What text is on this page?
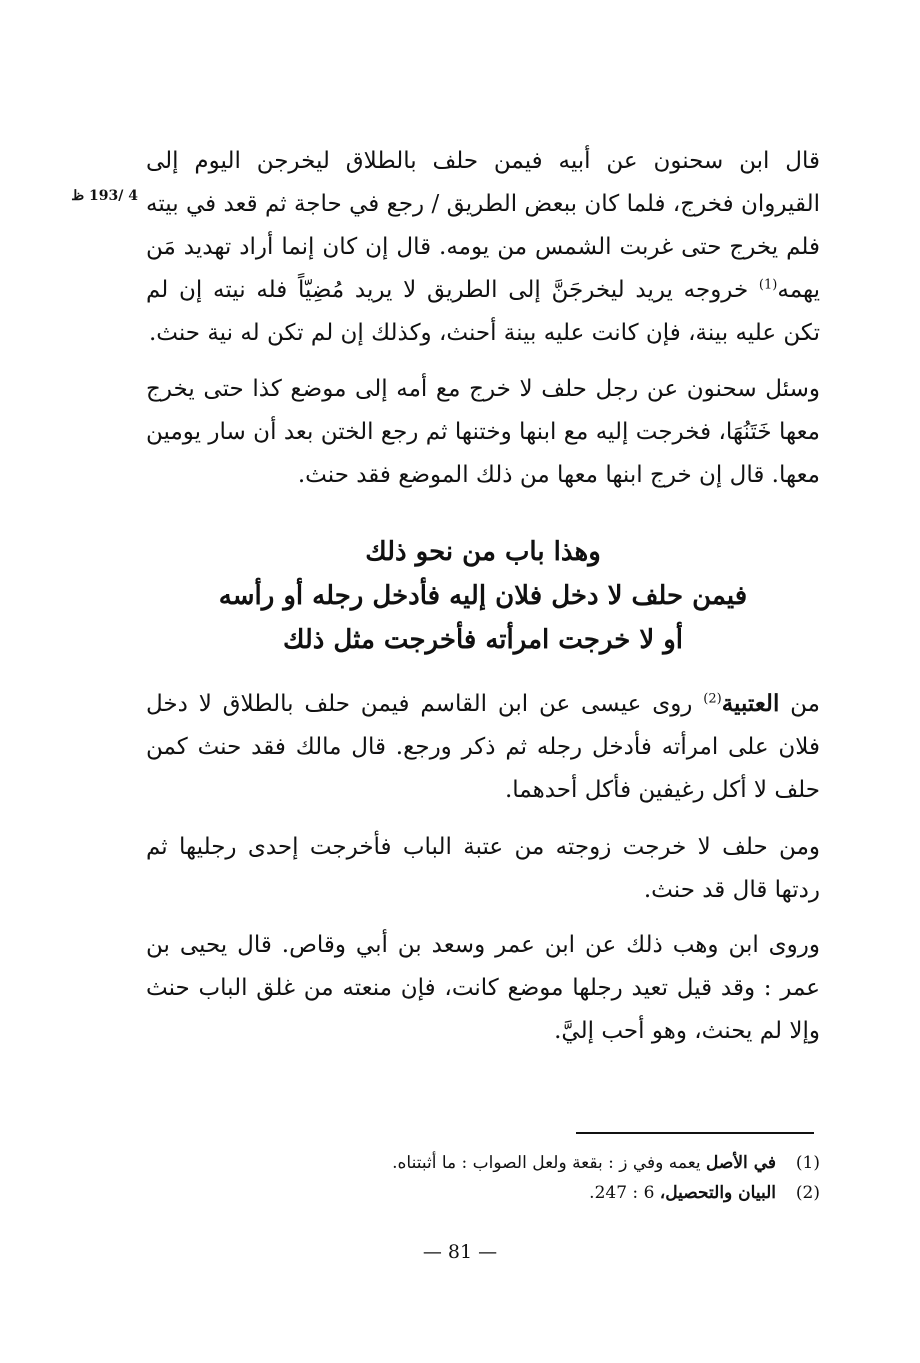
4 /193 ظ

قال ابن سحنون عن أبيه فيمن حلف بالطلاق ليخرجن اليوم إلى القيروان فخرج، فلما كان ببعض الطريق / رجع في حاجة ثم قعد في بيته فلم يخرج حتى غربت الشمس من يومه. قال إن كان إنما أراد تهديد مَن يهمه$^{(1)}$ خروجه يريد ليخرجَنَّ إلى الطريق لا يريد مُضِيّاً فله نيته إن لم تكن عليه بينة، فإن كانت عليه بينة أحنث، وكذلك إن لم تكن له نية حنث.

وسئل سحنون عن رجل حلف لا خرج مع أمه إلى موضع كذا حتى يخرج معها خَتَنُهَا، فخرجت إليه مع ابنها وختنها ثم رجع الختن بعد أن سار يومين معها. قال إن خرج ابنها معها من ذلك الموضع فقد حنث.

وهذا باب من نحو ذلك
فيمن حلف لا دخل فلان إليه فأدخل رجله أو رأسه
أو لا خرجت امرأته فأخرجت مثل ذلك

من العتبية$^{(2)}$ روى عيسى عن ابن القاسم فيمن حلف بالطلاق لا دخل فلان على امرأته فأدخل رجله ثم ذكر ورجع. قال مالك فقد حنث كمن حلف لا أكل رغيفين فأكل أحدهما.

ومن حلف لا خرجت زوجته من عتبة الباب فأخرجت إحدى رجليها ثم ردتها قال قد حنث.

وروى ابن وهب ذلك عن ابن عمر وسعد بن أبي وقاص. قال يحيى بن عمر : وقد قيل تعيد رجلها موضع كانت، فإن منعته من غلق الباب حنث وإلا لم يحنث، وهو أحب إليَّ.

(1)في الأصل يعمه وفي ز : بقعة ولعل الصواب : ما أثبتناه.
(2)البيان والتحصيل، 6 : 247.
— 81 —
